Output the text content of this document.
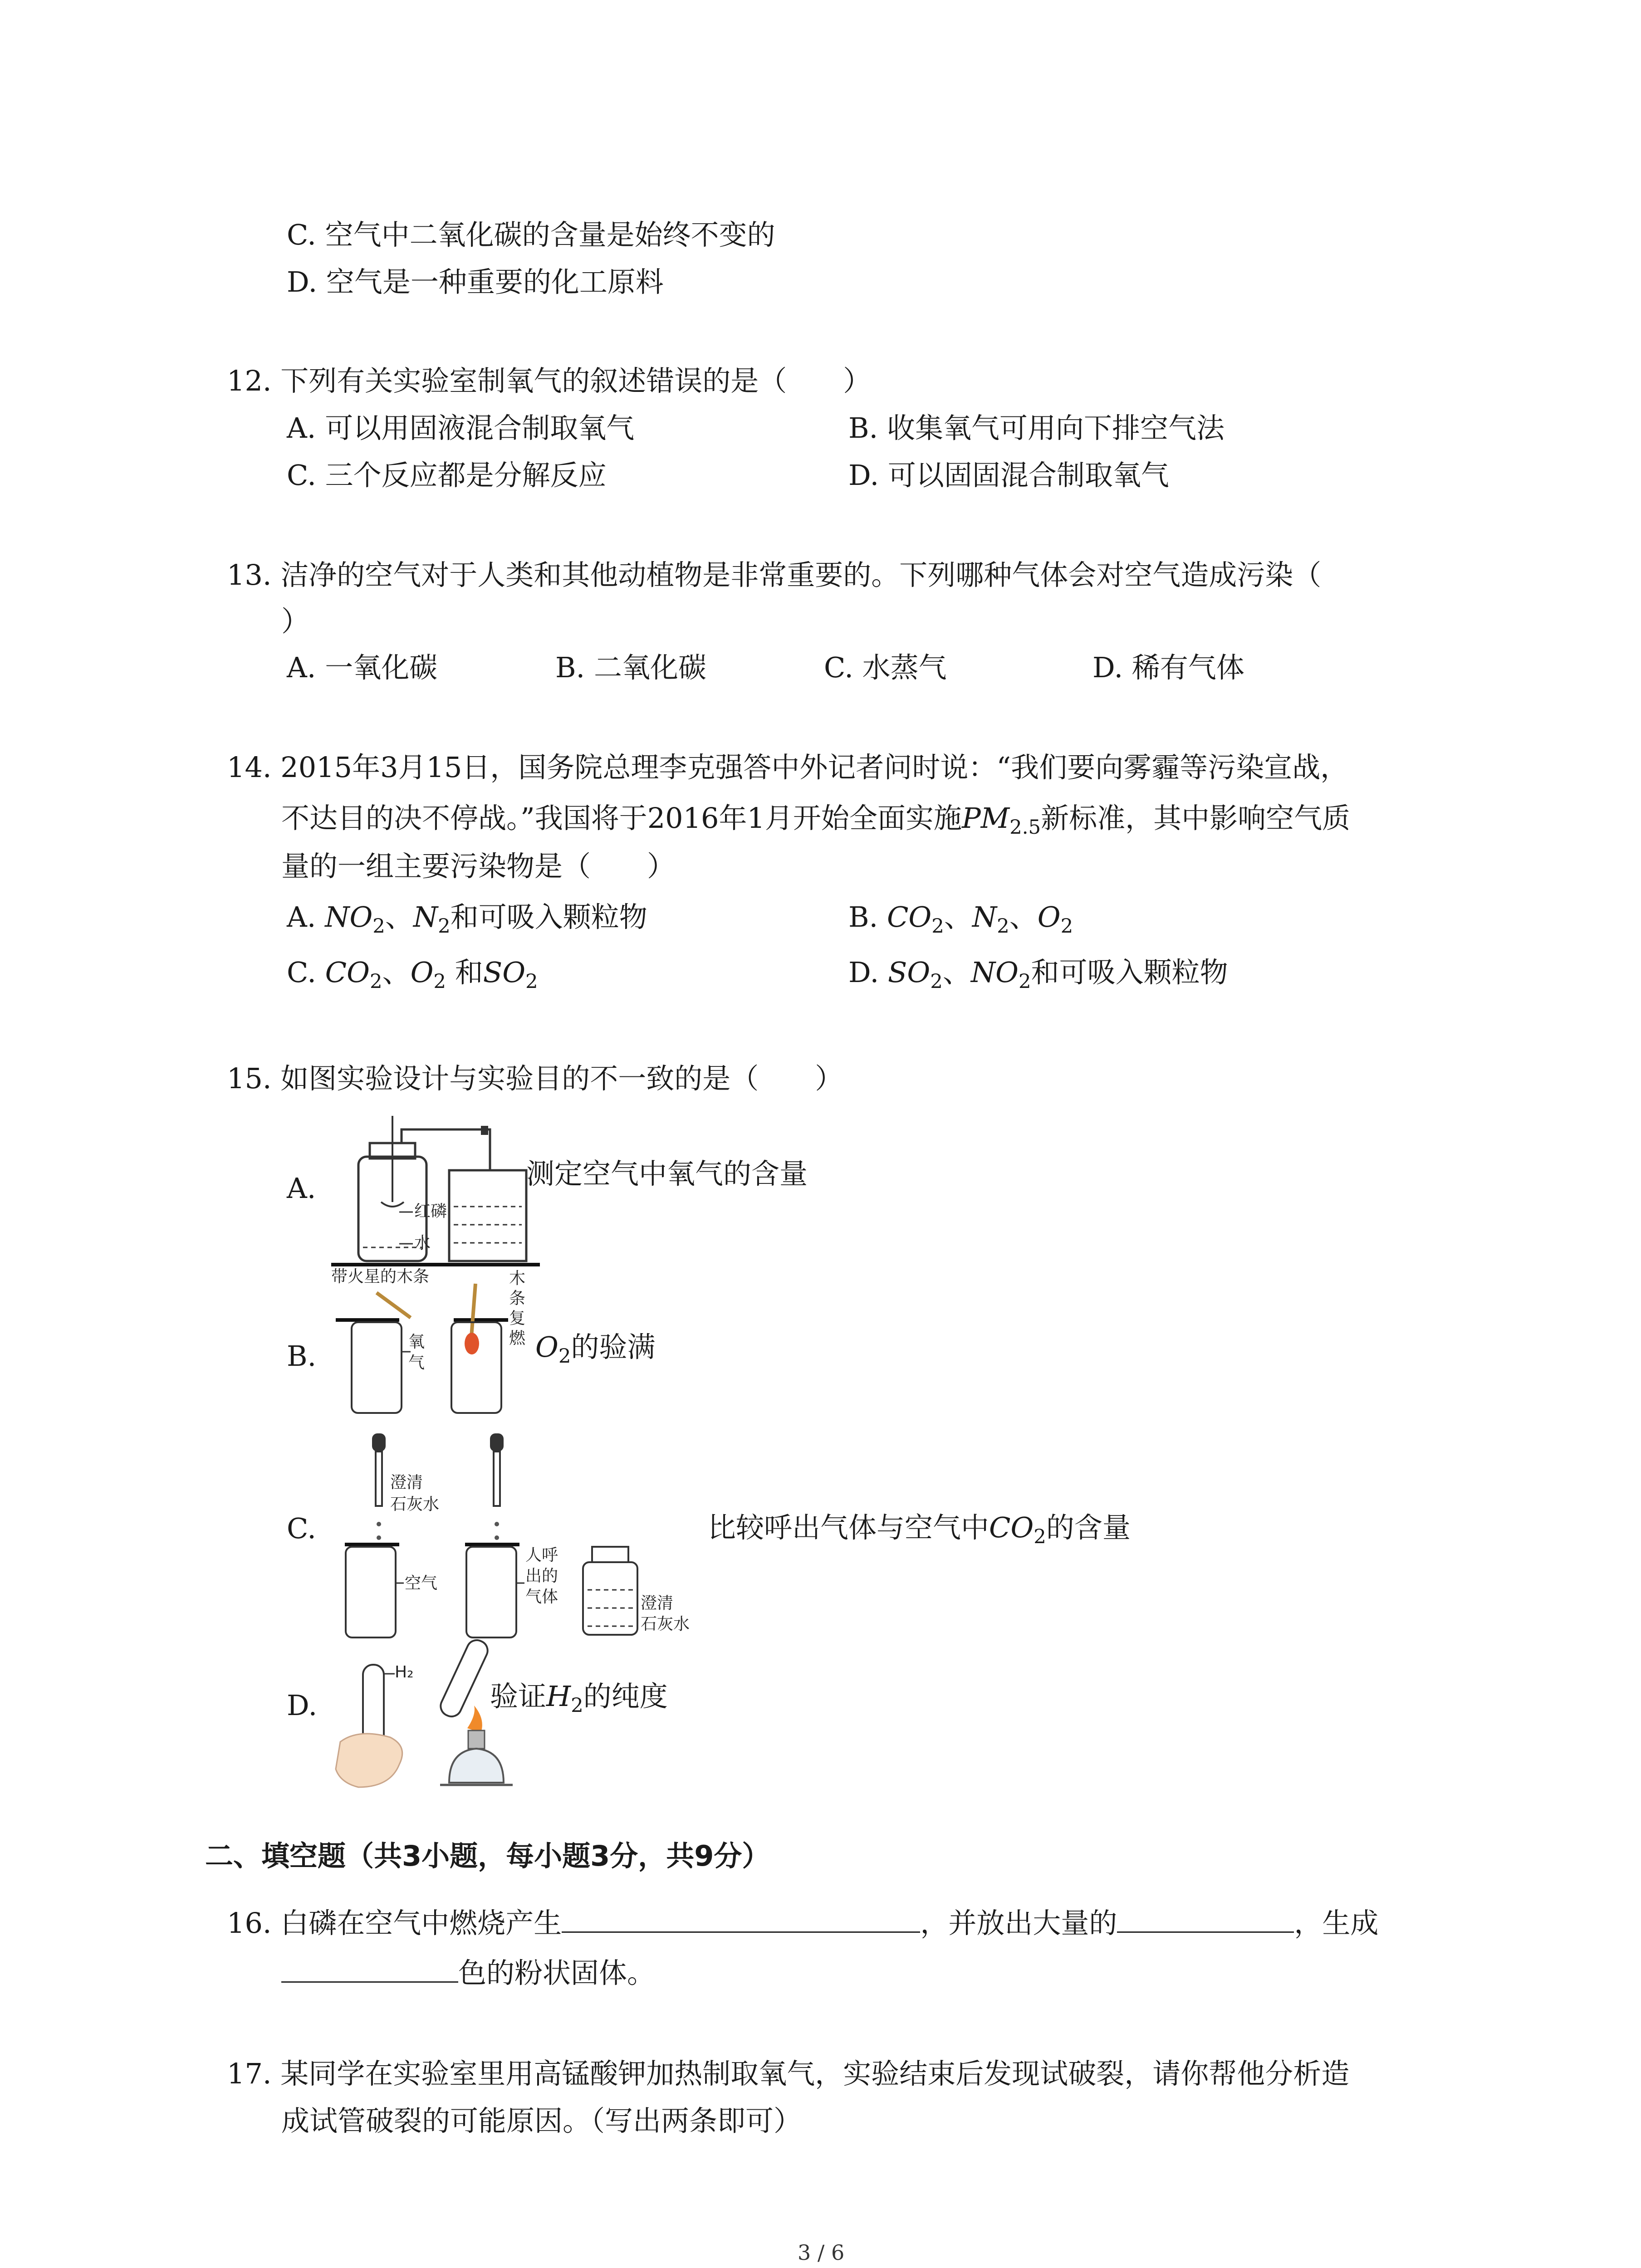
C. 空气中二氧化碳的含量是始终不变的
D. 空气是一种重要的化工原料
12. 下列有关实验室制氧气的叙述错误的是（　　）
A. 可以用固液混合制取氧气	B. 收集氧气可用向下排空气法
C. 三个反应都是分解反应	D. 可以固固混合制取氧气
13. 洁净的空气对于人类和其他动植物是非常重要的。下列哪种气体会对空气造成污染（
）
A. 一氧化碳	B. 二氧化碳	C. 水蒸气	D. 稀有气体
14. 2015年3月15日，国务院总理李克强答中外记者问时说：“我们要向雾霾等污染宣战，
不达目的决不停战。”我国将于2016年1月开始全面实施$PM_{2.5}$新标准，其中影响空气质
量的一组主要污染物是（　　）
A. $NO_2$、$N_2$和可吸入颗粒物	B. $CO_2$、$N_2$、$O_2$
C. $CO_2$、$O_2$ 和$SO_2$	D. $SO_2$、$NO_2$和可吸入颗粒物
15. 如图实验设计与实验目的不一致的是（　　）
A.
红磷
水
测定空气中氧气的含量
带火星的木条
氧
气
木
条
复
燃
B.	$O_2$的验满
C.
澄清
石灰水
空气
人呼
出的
气体	澄清
石灰水
比较呼出气体与空气中$CO_2$的含量
D.
H₂
验证$H_2$的纯度
二、填空题（共3小题，每小题3分，共9分）
16. 白磷在空气中燃烧产生	，并放出大量的	，生成
色的粉状固体。
17. 某同学在实验室里用高锰酸钾加热制取氧气，实验结束后发现试破裂，请你帮他分析造
成试管破裂的可能原因。（写出两条即可）
3 / 6
